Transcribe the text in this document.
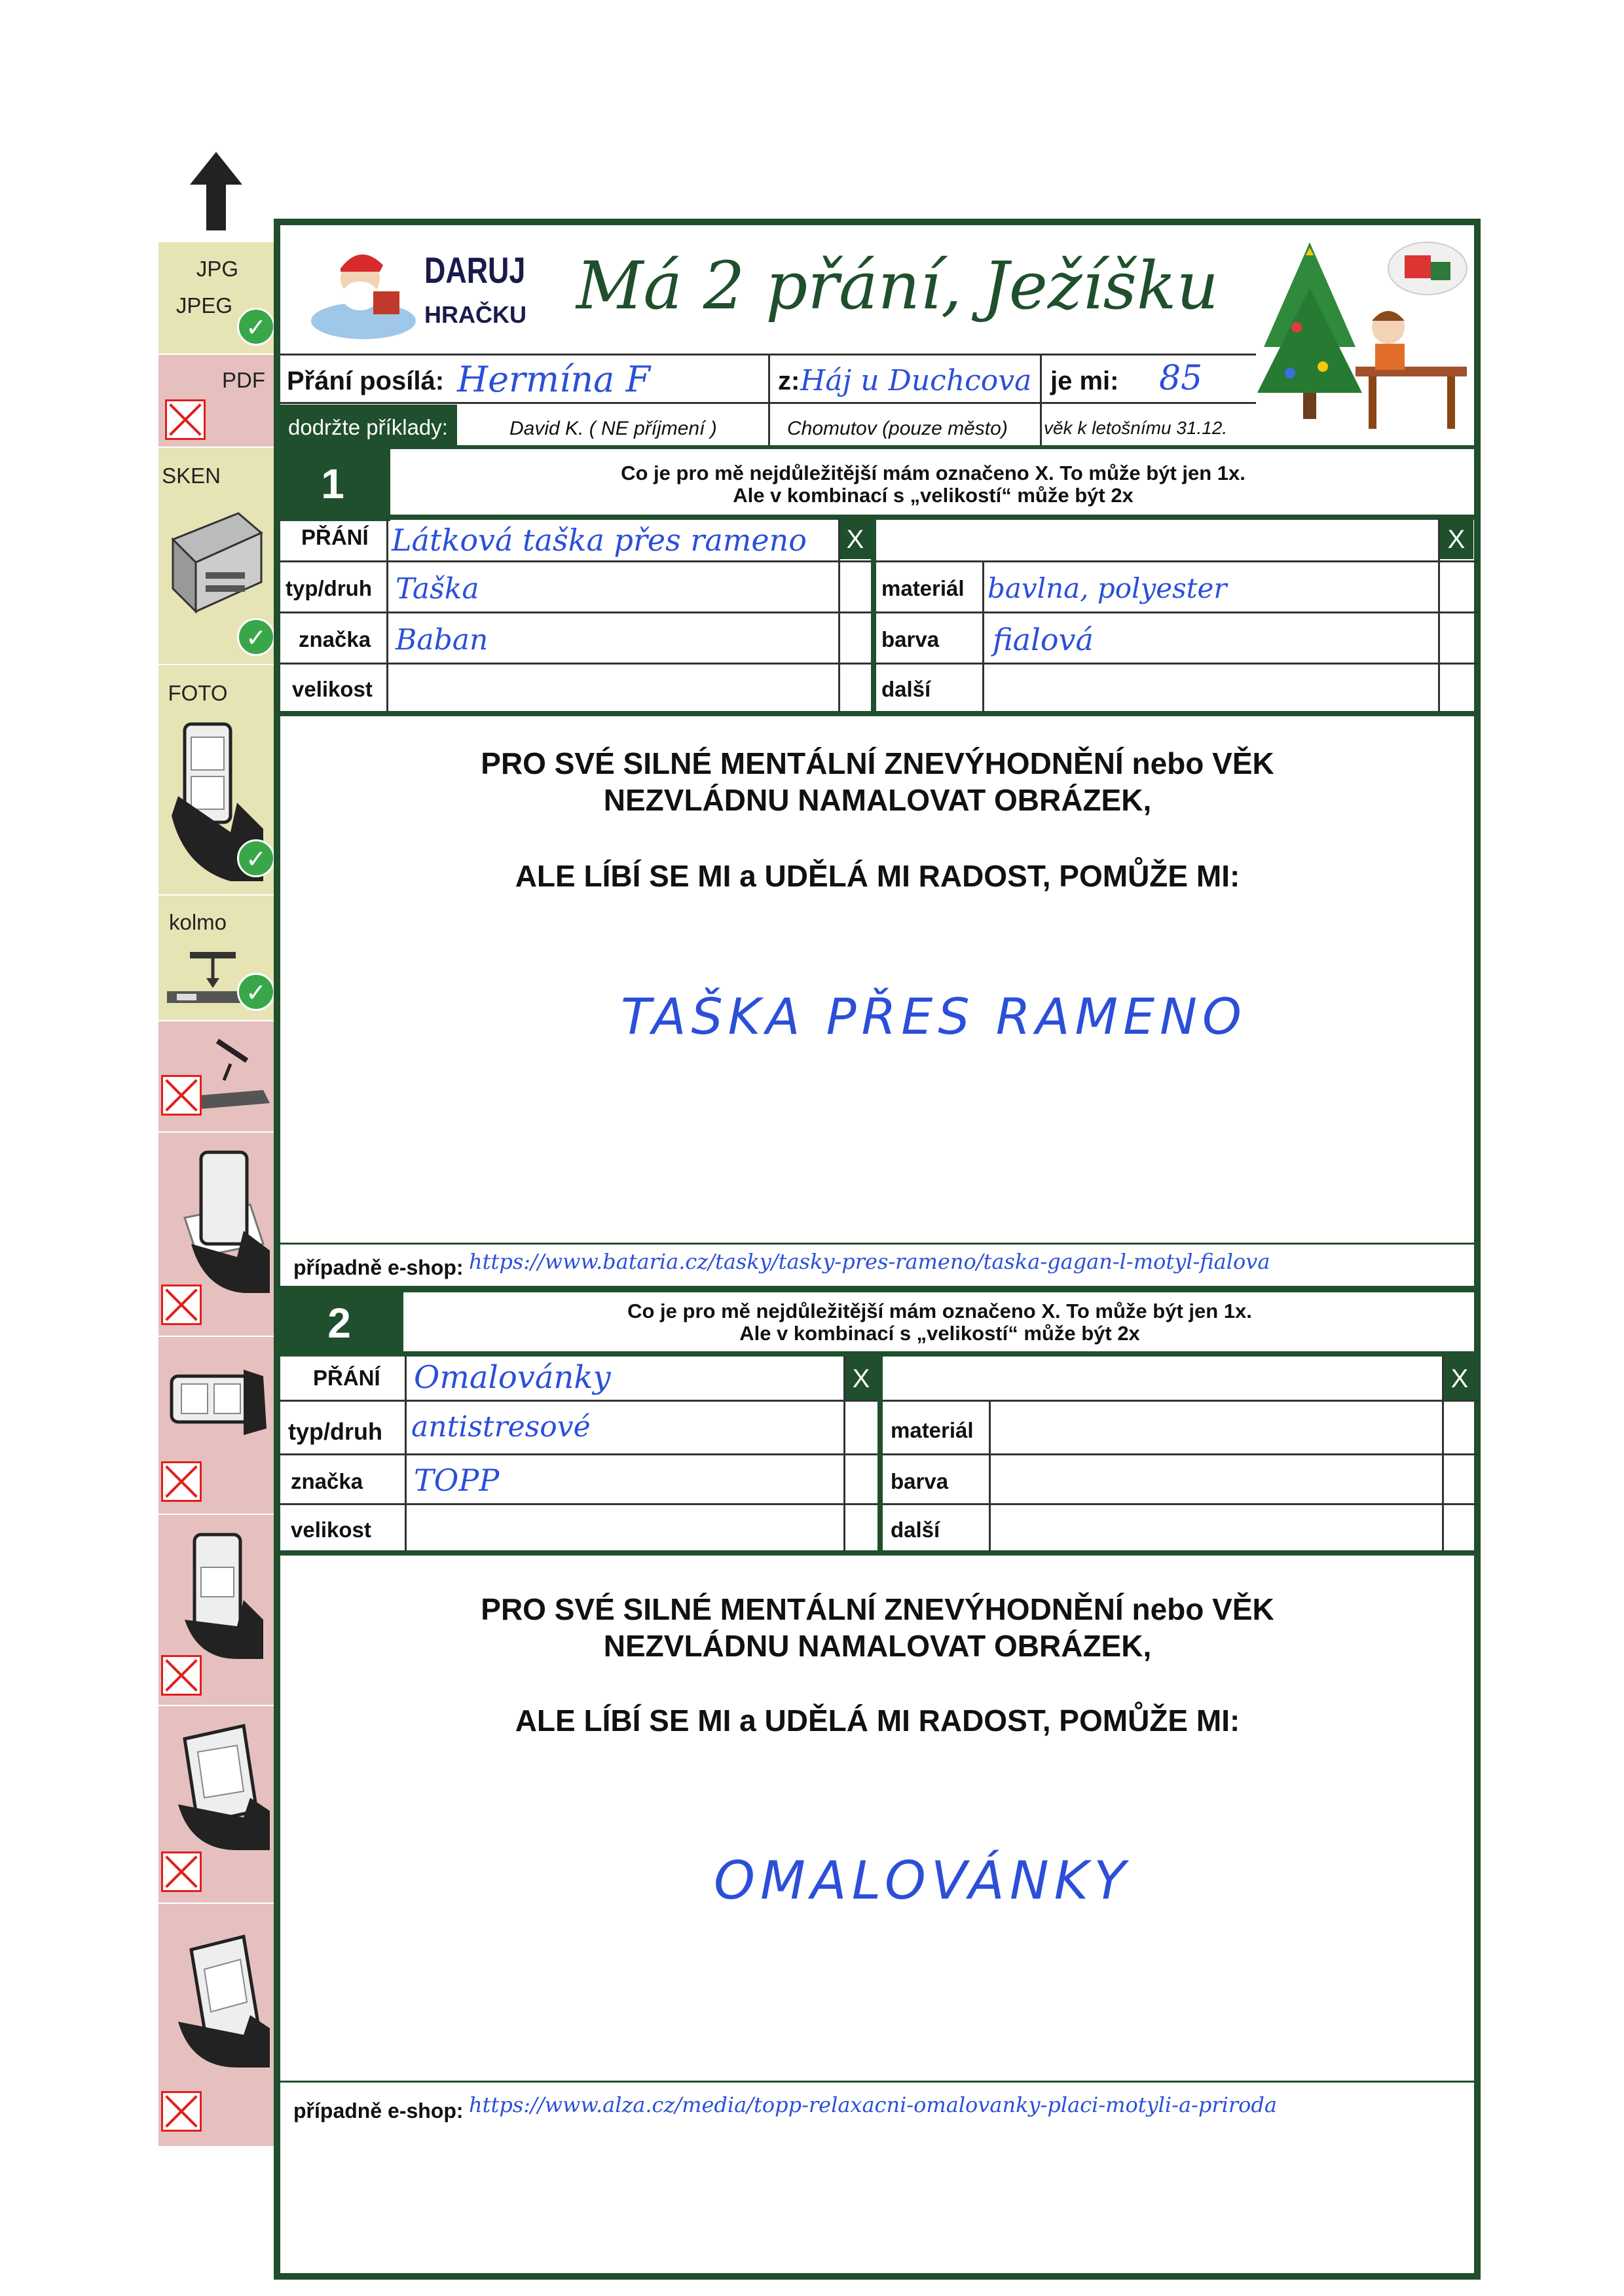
JPG
JPEG
✓
PDF
SKEN
✓
FOTO
✓
kolmo
✓
DARUJ
HRAČKU Má 2 přání, Ježíšku
Přání posílá: Hermína F	z: Háj u Duchcova je mi: 85
dodržte příklady:	David K. ( NE příjmení )	Chomutov (pouze město) věk k letošnímu 31.12.
1	Co je pro mě nejdůležitější mám označeno X. To může být jen 1x.
Ale v kombinací s „velikostí“ může být 2x
PŘÁNÍ Látková taška přes rameno X	X
typ/druh Taška	materiál bavlna, polyester
značka Baban	barva fialová
velikost	další
PRO SVÉ SILNÉ MENTÁLNÍ ZNEVÝHODNĚNÍ nebo VĚK
NEZVLÁDNU NAMALOVAT OBRÁZEK,
ALE LÍBÍ SE MI a UDĚLÁ MI RADOST, POMŮŽE MI:
TAŠKA PŘES RAMENO
případně e-shop: https://www.bataria.cz/tasky/tasky-pres-rameno/taska-gagan-l-motyl-fialova
2	Co je pro mě nejdůležitější mám označeno X. To může být jen 1x.
Ale v kombinací s „velikostí“ může být 2x
PŘÁNÍ Omalovánky	X	X
typ/druh antistresové	materiál
značka TOPP	barva
velikost	další
PRO SVÉ SILNÉ MENTÁLNÍ ZNEVÝHODNĚNÍ nebo VĚK
NEZVLÁDNU NAMALOVAT OBRÁZEK,
ALE LÍBÍ SE MI a UDĚLÁ MI RADOST, POMŮŽE MI:
OMALOVÁNKY
případně e-shop: https://www.alza.cz/media/topp-relaxacni-omalovanky-placi-motyli-a-priroda
